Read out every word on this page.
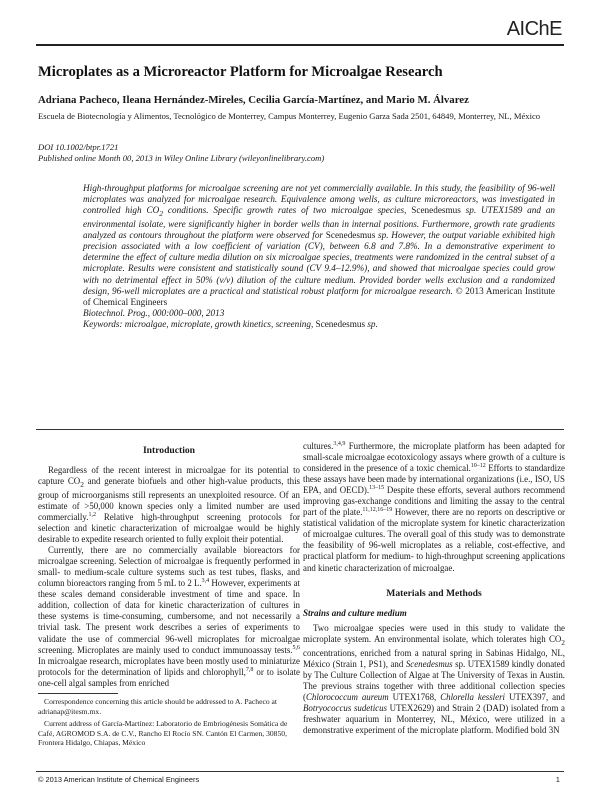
AIChE
Microplates as a Microreactor Platform for Microalgae Research
Adriana Pacheco, Ileana Hernández-Mireles, Cecilia García-Martínez, and Mario M. Álvarez
Escuela de Biotecnología y Alimentos, Tecnológico de Monterrey, Campus Monterrey, Eugenio Garza Sada 2501, 64849, Monterrey, NL, México
DOI 10.1002/btpr.1721
Published online Month 00, 2013 in Wiley Online Library (wileyonlinelibrary.com)

High-throughput platforms for microalgae screening are not yet commercially available. In this study, the feasibility of 96-well microplates was analyzed for microalgae research. Equivalence among wells, as culture microreactors, was investigated in controlled high $CO_2$ conditions. Specific growth rates of two microalgae species, Scenedesmus sp. UTEX1589 and an environmental isolate, were significantly higher in border wells than in internal positions. Furthermore, growth rate gradients analyzed as contours throughout the platform were observed for Scenedesmus sp. However, the output variable exhibited high precision associated with a low coefficient of variation (CV), between 6.8 and 7.8%. In a demonstrative experiment to determine the effect of culture media dilution on six microalgae species, treatments were randomized in the central subset of a microplate. Results were consistent and statistically sound (CV 9.4–12.9%), and showed that microalgae species could grow with no detrimental effect in 50% (v/v) dilution of the culture medium. Provided border wells exclusion and a randomized design, 96-well microplates are a practical and statistical robust platform for microalgae research. © 2013 American Institute of Chemical Engineers

Biotechnol. Prog., 000:000–000, 2013

Keywords: microalgae, microplate, growth kinetics, screening, Scenedesmus sp.

Introduction

Regardless of the recent interest in microalgae for its potential to capture $CO_2$ and generate biofuels and other high-value products, this group of microorganisms still represents an unexploited resource. Of an estimate of >50,000 known species only a limited number are used commercially.$^{1,2}$ Relative high-throughput screening protocols for selection and kinetic characterization of microalgae would be highly desirable to expedite research oriented to fully exploit their potential.

Currently, there are no commercially available bioreactors for microalgae screening. Selection of microalgae is frequently performed in small- to medium-scale culture systems such as test tubes, flasks, and column bioreactors ranging from 5 mL to 2 L.$^{3,4}$ However, experiments at these scales demand considerable investment of time and space. In addition, collection of data for kinetic characterization of cultures in these systems is time-consuming, cumbersome, and not necessarily a trivial task. The present work describes a series of experiments to validate the use of commercial 96-well microplates for microalgae screening. Microplates are mainly used to conduct immunoassay tests.$^{5,6}$ In microalgae research, microplates have been mostly used to miniaturize protocols for the determination of lipids and chlorophyll,$^{7,8}$ or to isolate one-cell algal samples from enriched

cultures.$^{3,4,9}$ Furthermore, the microplate platform has been adapted for small-scale microalgae ecotoxicology assays where growth of a culture is considered in the presence of a toxic chemical.$^{10-12}$ Efforts to standardize these assays have been made by international organizations (i.e., ISO, US EPA, and OECD).$^{13-15}$ Despite these efforts, several authors recommend improving gas-exchange conditions and limiting the assay to the central part of the plate.$^{11,12,16-19}$ However, there are no reports on descriptive or statistical validation of the microplate system for kinetic characterization of microalgae cultures. The overall goal of this study was to demonstrate the feasibility of 96-well microplates as a reliable, cost-effective, and practical platform for medium- to high-throughput screening applications and kinetic characterization of microalgae.

Materials and Methods
Strains and culture medium

Two microalgae species were used in this study to validate the microplate system. An environmental isolate, which tolerates high $CO_2$ concentrations, enriched from a natural spring in Sabinas Hidalgo, NL, México (Strain 1, PS1), and Scenedesmus sp. UTEX1589 kindly donated by The Culture Collection of Algae at The University of Texas in Austin. The previous strains together with three additional collection species (Chlorococcum aureum UTEX1768, Chlorella kessleri UTEX397, and Botryococcus sudeticus UTEX2629) and Strain 2 (DAD) isolated from a freshwater aquarium in Monterrey, NL, México, were utilized in a demonstrative experiment of the microplate platform. Modified bold 3N

Correspondence concerning this article should be addressed to A. Pacheco at adrianap@itesm.mx.

Current address of García-Martínez: Laboratorio de Embriogénesis Somática de Café, AGROMOD S.A. de C.V., Rancho El Rocío SN. Cantón El Carmen, 30850, Frontera Hidalgo, Chiapas, México

© 2013 American Institute of Chemical Engineers	1
